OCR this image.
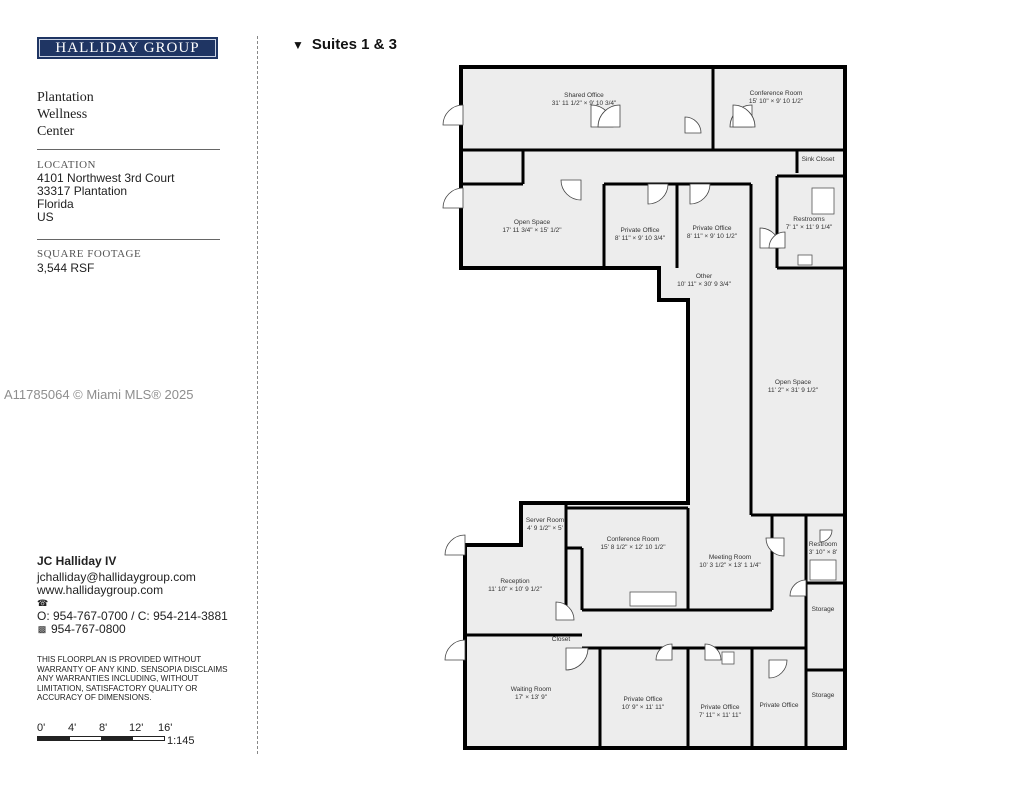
HALLIDAY GROUP
Plantation
Wellness
Center
LOCATION
4101 Northwest 3rd Court
33317 Plantation
Florida
US
SQUARE FOOTAGE
3,544 RSF
JC Halliday IV
jchalliday@hallidaygroup.com
www.hallidaygroup.com
☎
O: 954-767-0700 / C: 954-214-3881
▩ 954-767-0800
THIS FLOORPLAN IS PROVIDED WITHOUT WARRANTY OF ANY KIND. SENSOPIA DISCLAIMS ANY WARRANTIES INCLUDING, WITHOUT LIMITATION, SATISFACTORY QUALITY OR ACCURACY OF DIMENSIONS.
0' 4' 8' 12' 16'
1:145
A11785064 © Miami MLS® 2025
▼ Suites 1 & 3
Shared Office
31' 11 1/2" × 9' 10 3/4"
Conference Room
15' 10" × 9' 10 1/2"
Sink Closet
Open Space
17' 11 3/4" × 15' 1/2"	Private Office
8' 11" × 9' 10 3/4"
Private Office
8' 11" × 9' 10 1/2"
Restrooms
7' 1" × 11' 9 1/4"
Other
10' 11" × 30' 9 3/4"
Open Space
11' 2" × 31' 9 1/2"
Server Room
4' 9 1/2" × 5'
Conference Room
15' 8 1/2" × 12' 10 1/2"
Meeting Room
10' 3 1/2" × 13' 1 1/4"
Restroom
3' 10" × 8'
Reception
11' 10" × 10' 9 1/2"
Storage
Closet
Waiting Room
17' × 13' 9"	Private Office
10' 9" × 11' 11"	Private Office
7' 11" × 11' 11"
Private Office
Storage
